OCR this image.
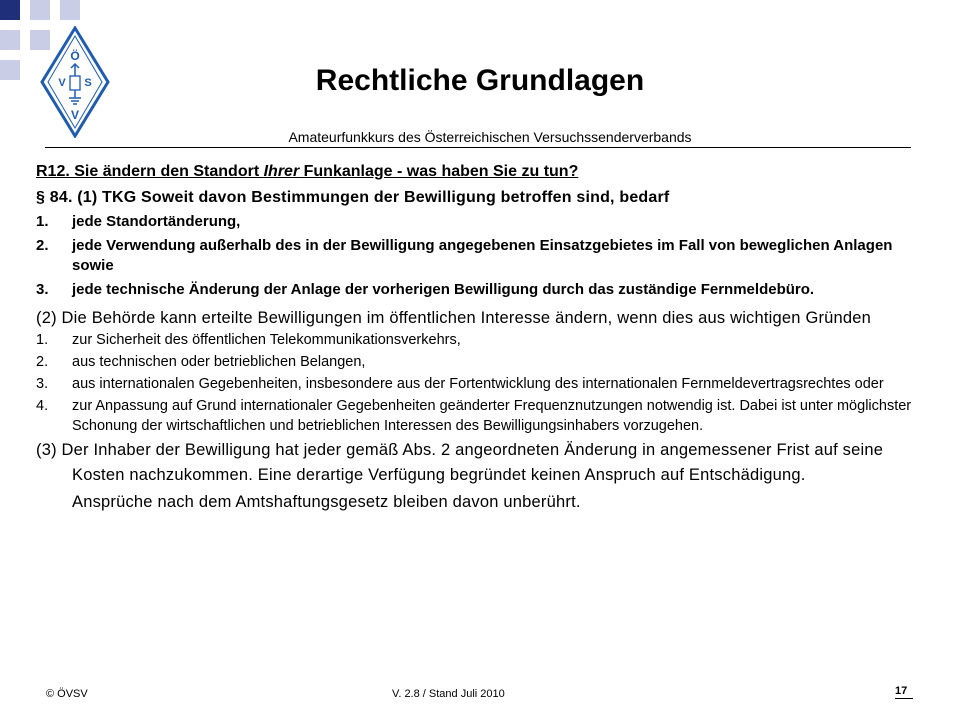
Ö
V S
V
Rechtliche Grundlagen

Amateurfunkkurs des Österreichischen Versuchssenderverbands

R12. Sie ändern den Standort Ihrer Funkanlage - was haben Sie zu tun?

§ 84. (1) TKG Soweit davon Bestimmungen der Bewilligung betroffen sind, bedarf

1. jede Standortänderung,
2. jede Verwendung außerhalb des in der Bewilligung angegebenen Einsatzgebietes im Fall von beweglichen Anlagen sowie
3. jede technische Änderung der Anlage der vorherigen Bewilligung durch das zuständige Fernmeldebüro.

(2) Die Behörde kann erteilte Bewilligungen im öffentlichen Interesse ändern, wenn dies aus wichtigen Gründen

1. zur Sicherheit des öffentlichen Telekommunikationsverkehrs,
2. aus technischen oder betrieblichen Belangen,
3. aus internationalen Gegebenheiten, insbesondere aus der Fortentwicklung des internationalen Fernmeldevertragsrechtes oder
4. zur Anpassung auf Grund internationaler Gegebenheiten geänderter Frequenznutzungen notwendig ist. Dabei ist unter möglichster Schonung der wirtschaftlichen und betrieblichen Interessen des Bewilligungsinhabers vorzugehen.

(3) Der Inhaber der Bewilligung hat jeder gemäß Abs. 2 angeordneten Änderung in angemessener Frist auf seine Kosten nachzukommen. Eine derartige Verfügung begründet keinen Anspruch auf Entschädigung.

Ansprüche nach dem Amtshaftungsgesetz bleiben davon unberührt.

© ÖVSV	V. 2.8 / Stand Juli 2010	17
